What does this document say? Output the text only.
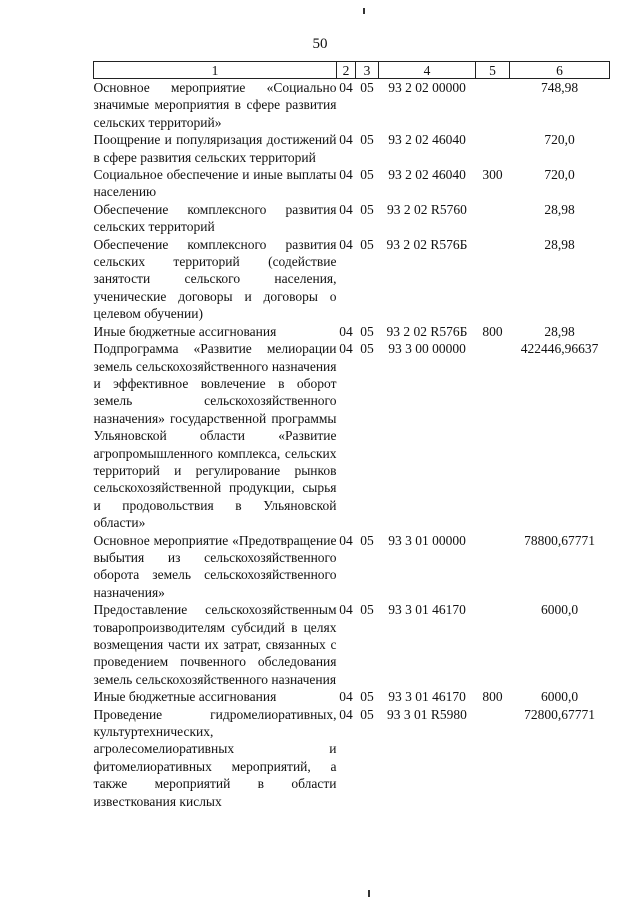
50
1	2	3	4	5	6
Основное мероприятие «Социально значимые мероприятия в сфере развития сельских территорий»	04	05	93 2 02 00000		748,98
Поощрение и популяризация достижений в сфере развития сельских территорий	04	05	93 2 02 46040		720,0
Социальное обеспечение и иные выплаты населению	04	05	93 2 02 46040	300	720,0
Обеспечение комплексного развития сельских территорий	04	05	93 2 02 R5760		28,98
Обеспечение комплексного развития сельских территорий (содействие занятости сельского населения, ученические договоры и договоры о целевом обучении)	04	05	93 2 02 R576Б		28,98
Иные бюджетные ассигнования	04	05	93 2 02 R576Б	800	28,98
Подпрограмма «Развитие мелиорации земель сельскохозяйственного назначения и эффективное вовлечение в оборот земель сельскохозяйственного назначения» государственной программы Ульяновской области «Развитие агропромышленного комплекса, сельских территорий и регулирование рынков сельскохозяйственной продукции, сырья и продовольствия в Ульяновской области»	04	05	93 3 00 00000		422446,96637
Основное мероприятие «Предотвращение выбытия из сельскохозяйственного оборота земель сельскохозяйственного назначения»	04	05	93 3 01 00000		78800,67771
Предоставление сельскохозяйственным товаропроизводителям субсидий в целях возмещения части их затрат, связанных с проведением почвенного обследования земель сельскохозяйственного назначения	04	05	93 3 01 46170		6000,0
Иные бюджетные ассигнования	04	05	93 3 01 46170	800	6000,0
Проведение гидромелиоративных, культуртехнических, агролесомелиоративных и фитомелиоративных мероприятий, а также мероприятий в области известкования кислых	04	05	93 3 01 R5980		72800,67771
